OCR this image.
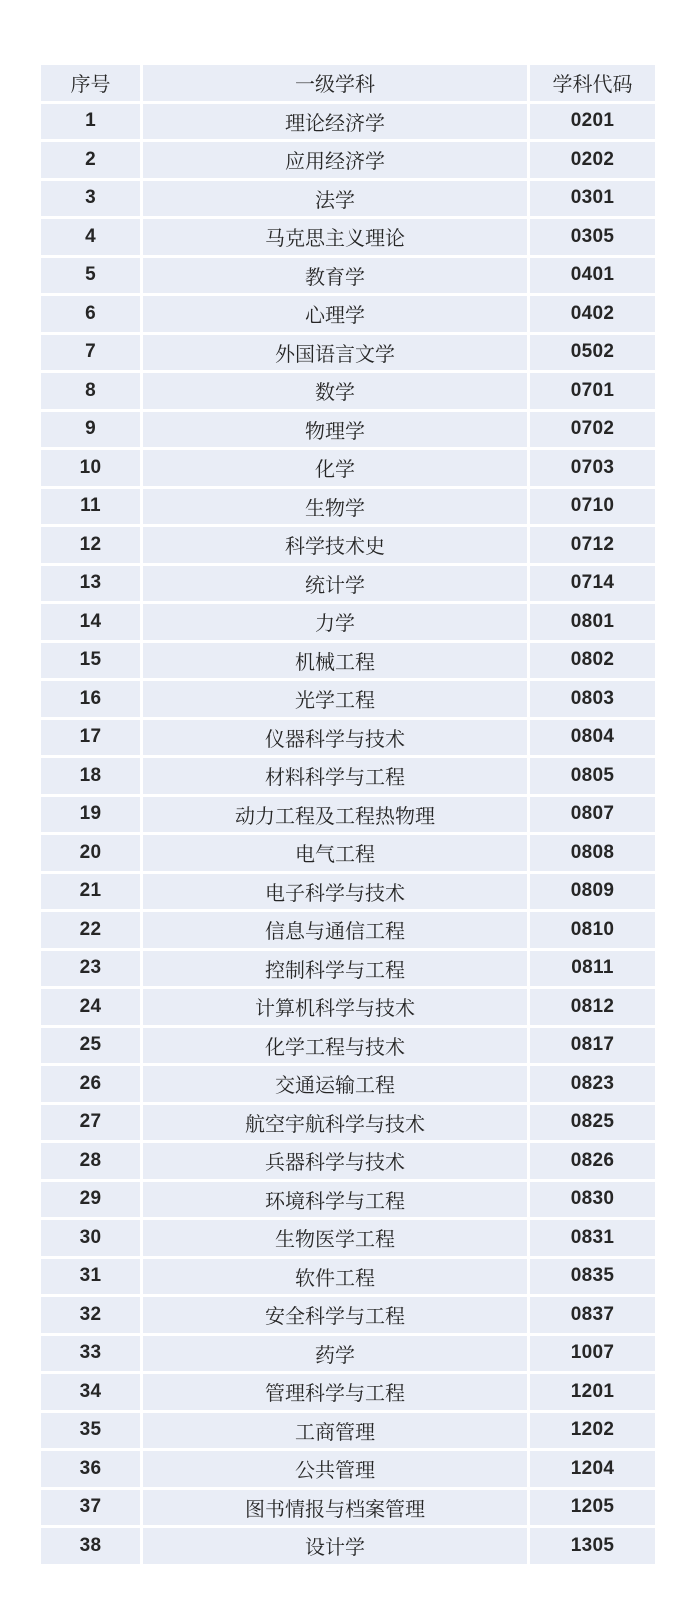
序号	一级学科	学科代码
1	理论经济学	0201
2	应用经济学	0202
3	法学	0301
4	马克思主义理论	0305
5	教育学	0401
6	心理学	0402
7	外国语言文学	0502
8	数学	0701
9	物理学	0702
10	化学	0703
11	生物学	0710
12	科学技术史	0712
13	统计学	0714
14	力学	0801
15	机械工程	0802
16	光学工程	0803
17	仪器科学与技术	0804
18	材料科学与工程	0805
19	动力工程及工程热物理	0807
20	电气工程	0808
21	电子科学与技术	0809
22	信息与通信工程	0810
23	控制科学与工程	0811
24	计算机科学与技术	0812
25	化学工程与技术	0817
26	交通运输工程	0823
27	航空宇航科学与技术	0825
28	兵器科学与技术	0826
29	环境科学与工程	0830
30	生物医学工程	0831
31	软件工程	0835
32	安全科学与工程	0837
33	药学	1007
34	管理科学与工程	1201
35	工商管理	1202
36	公共管理	1204
37	图书情报与档案管理	1205
38	设计学	1305
